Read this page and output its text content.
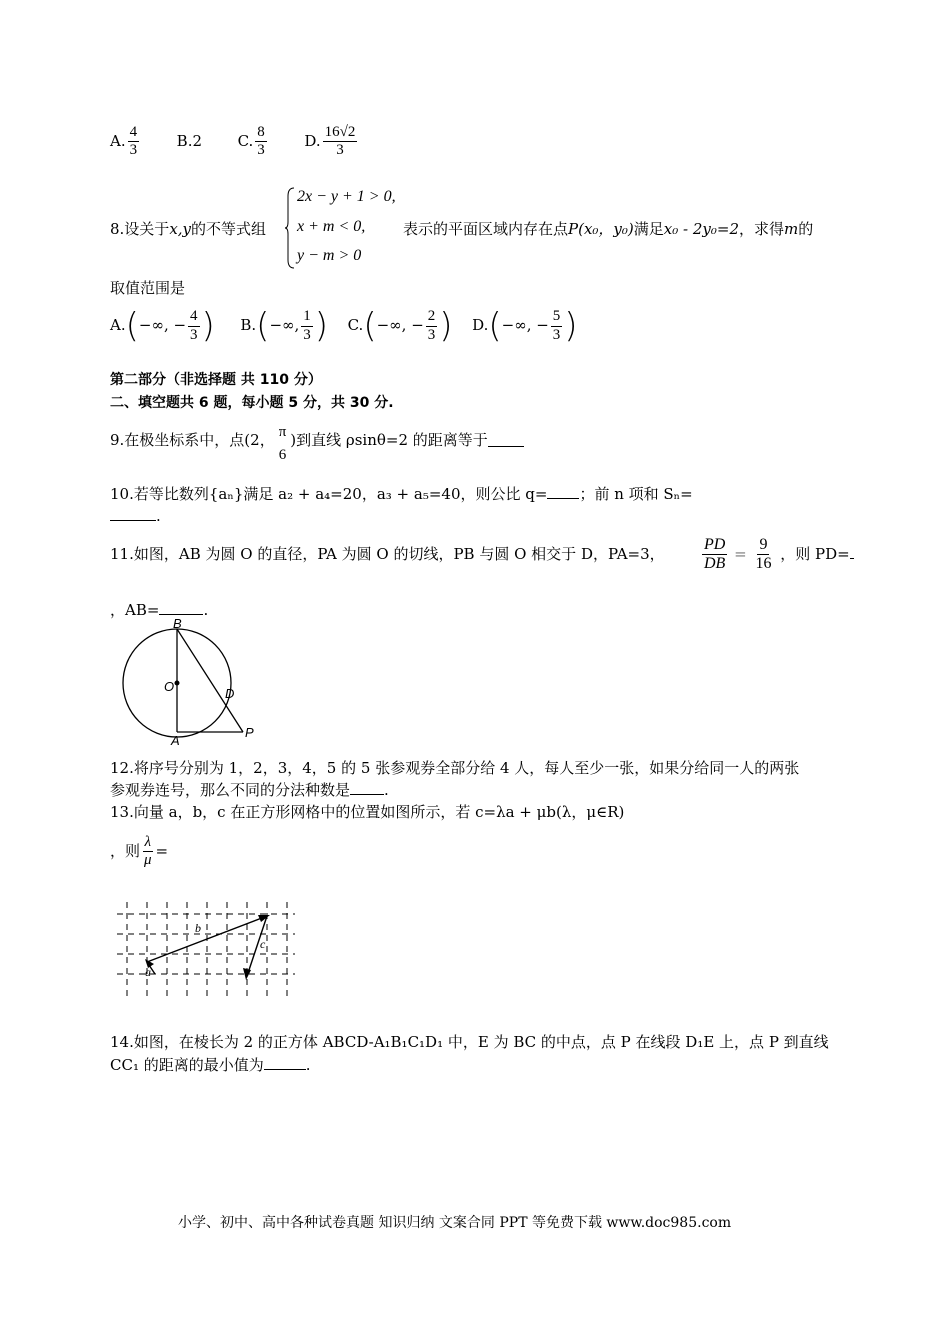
A. $\frac{4}{3}$	B.2 C. $\frac{8}{3}$	D. $\frac{16√2}{3}$
8.设关于x,y的不等式组
2x − y + 1 > 0,
x + m < 0,
y − m > 0
表示的平面区域内存在点P(x₀，y₀)满足x₀ - 2y₀=2，求得m的
取值范围是
A.(−∞, − $\frac{4}{3}$ ) B.(−∞, $\frac{1}{3}$ ) C.(−∞, − $\frac{2}{3}$ ) D.(−∞, − $\frac{5}{3}$ )
第二部分（非选择题 共 110 分）
二、填空题共 6 题，每小题 5 分，共 30 分.
9.在极坐标系中，点(2， π
6
)到直线 ρsinθ=2 的距离等于
10.若等比数列{aₙ}满足 a₂ + a₄=20，a₃ + a₅=40，则公比 q= ；前 n 项和 Sₙ=
.
11.如图，AB 为圆 O 的直径，PA 为圆 O 的切线，PB 与圆 O 相交于 D，PA=3， $\frac{PD}{DB} = \frac{9}{16}$ ，则 PD=
，AB=	.
B
O	D
A
P
12.将序号分别为 1，2，3，4，5 的 5 张参观券全部分给 4 人，每人至少一张，如果分给同一人的两张
参观券连号，那么不同的分法种数是 .
13.向量 a，b，c 在正方形网格中的位置如图所示，若 c=λa + μb(λ，μ∈R)
，则 $\frac{\lambda}{\mu}$ =
b
c
a
14.如图，在棱长为 2 的正方体 ABCD-A₁B₁C₁D₁ 中，E 为 BC 的中点，点 P 在线段 D₁E 上，点 P 到直线
CC₁ 的距离的最小值为	.
小学、初中、高中各种试卷真题 知识归纳 文案合同 PPT 等免费下载 www.doc985.com
